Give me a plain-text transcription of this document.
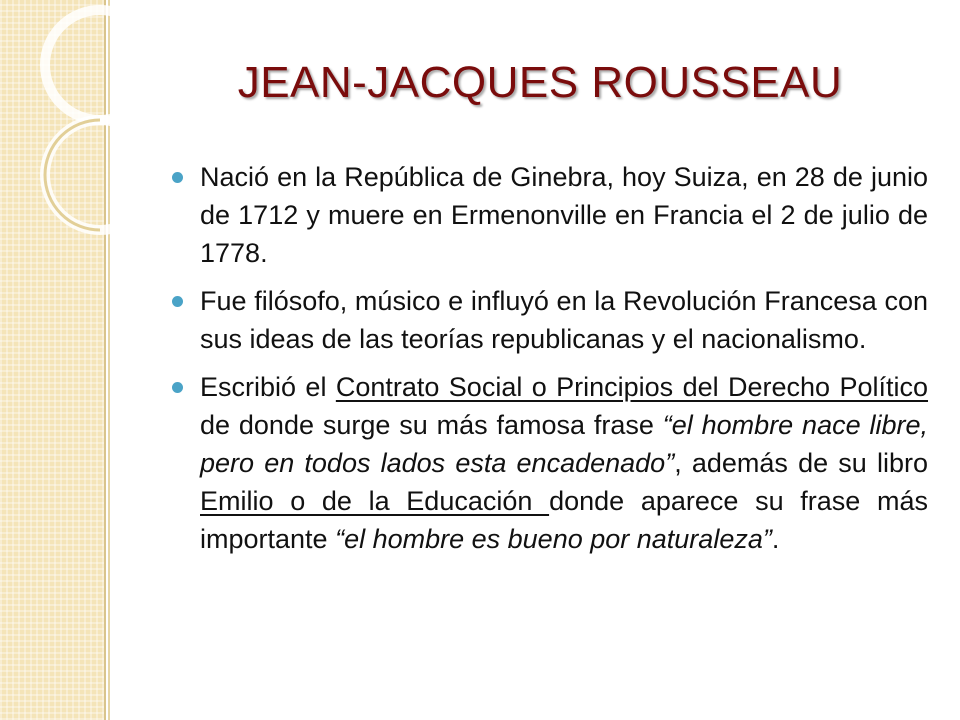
JEAN-JACQUES ROUSSEAU
Nació en la República de Ginebra, hoy Suiza, en 28 de junio de 1712 y muere en Ermenonville en Francia el 2 de julio de 1778.
Fue filósofo, músico e influyó en la Revolución Francesa con sus ideas de las teorías republicanas y el nacionalismo.
Escribió el Contrato Social o Principios del Derecho Político de donde surge su más famosa frase “el hombre nace libre, pero en todos lados esta encadenado”, además de su libro Emilio o de la Educación donde aparece su frase más importante “el hombre es bueno por naturaleza”.
